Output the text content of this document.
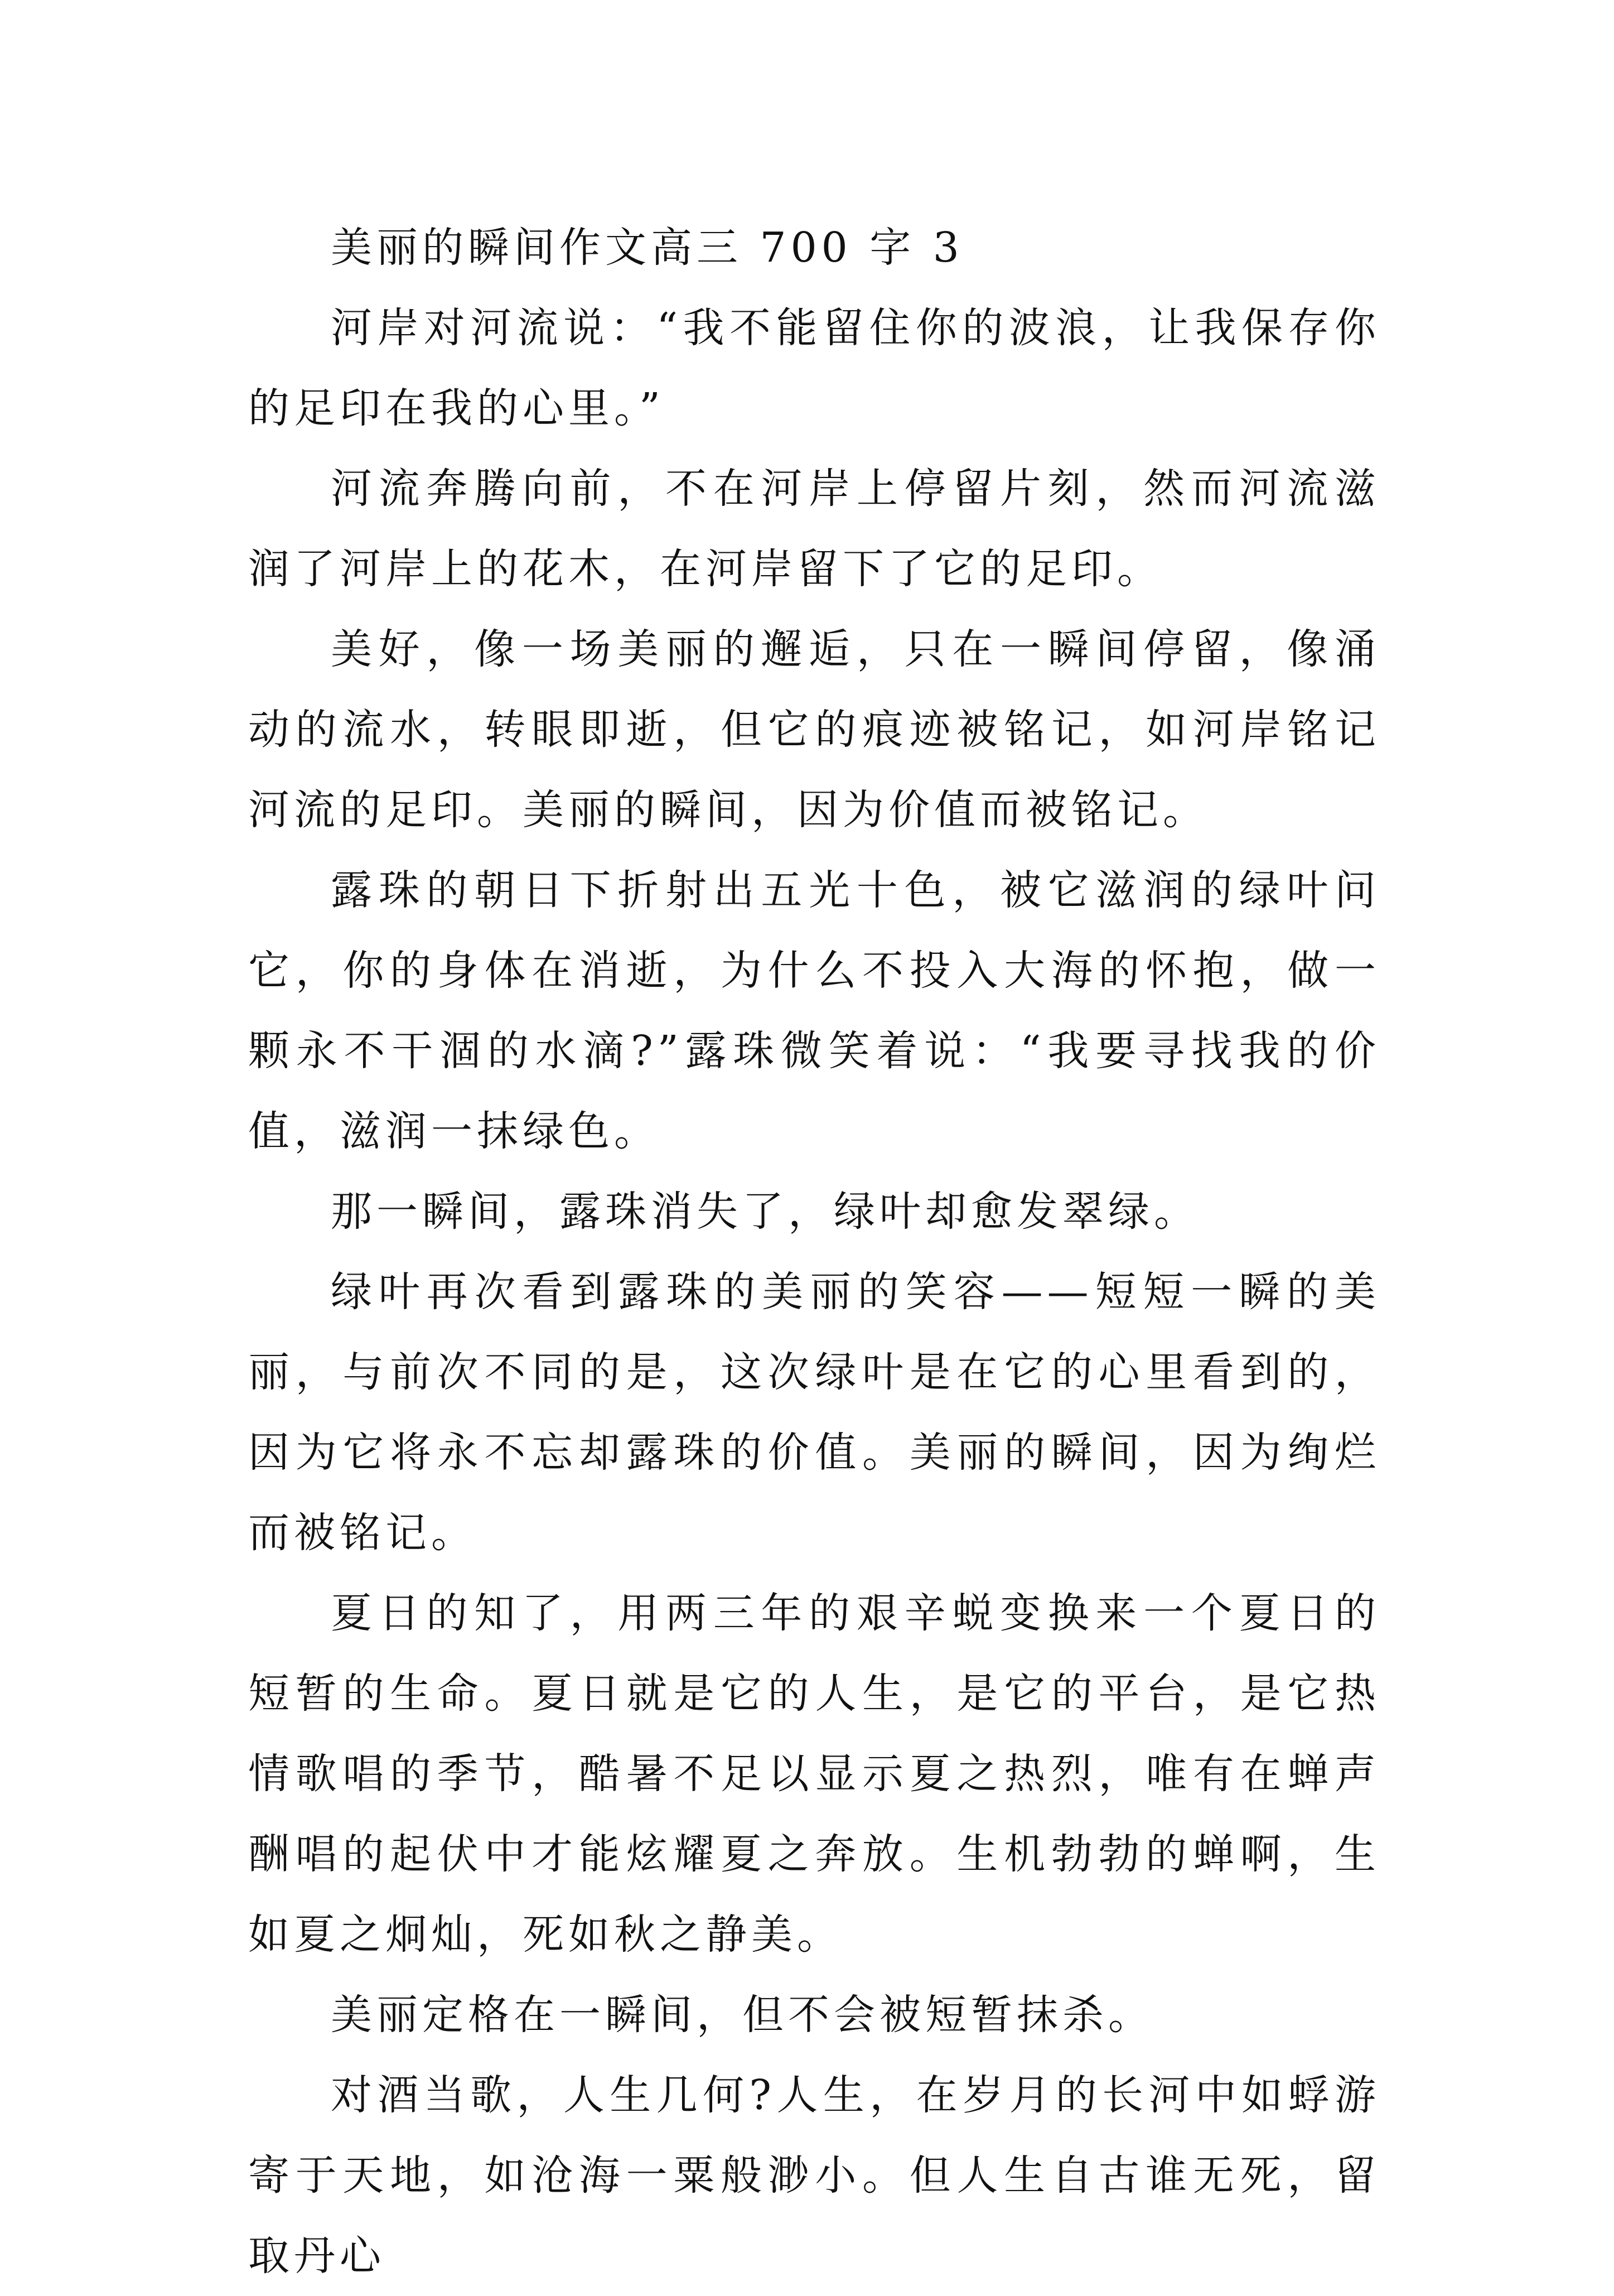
美丽的瞬间作文高三 700 字 3

河岸对河流说：“我不能留住你的波浪，让我保存你的足印在我的心里。”

河流奔腾向前，不在河岸上停留片刻，然而河流滋润了河岸上的花木，在河岸留下了它的足印。

美好，像一场美丽的邂逅，只在一瞬间停留，像涌动的流水，转眼即逝，但它的痕迹被铭记，如河岸铭记河流的足印。美丽的瞬间，因为价值而被铭记。

露珠的朝日下折射出五光十色，被它滋润的绿叶问它，你的身体在消逝，为什么不投入大海的怀抱，做一颗永不干涸的水滴?”露珠微笑着说：“我要寻找我的价值，滋润一抹绿色。

那一瞬间，露珠消失了，绿叶却愈发翠绿。

绿叶再次看到露珠的美丽的笑容——短短一瞬的美丽，与前次不同的是，这次绿叶是在它的心里看到的，因为它将永不忘却露珠的价值。美丽的瞬间，因为绚烂而被铭记。

夏日的知了，用两三年的艰辛蜕变换来一个夏日的短暂的生命。夏日就是它的人生，是它的平台，是它热情歌唱的季节，酷暑不足以显示夏之热烈，唯有在蝉声酬唱的起伏中才能炫耀夏之奔放。生机勃勃的蝉啊，生如夏之炯灿，死如秋之静美。

美丽定格在一瞬间，但不会被短暂抹杀。

对酒当歌，人生几何?人生，在岁月的长河中如蜉游寄于天地，如沧海一粟般渺小。但人生自古谁无死，留取丹心
